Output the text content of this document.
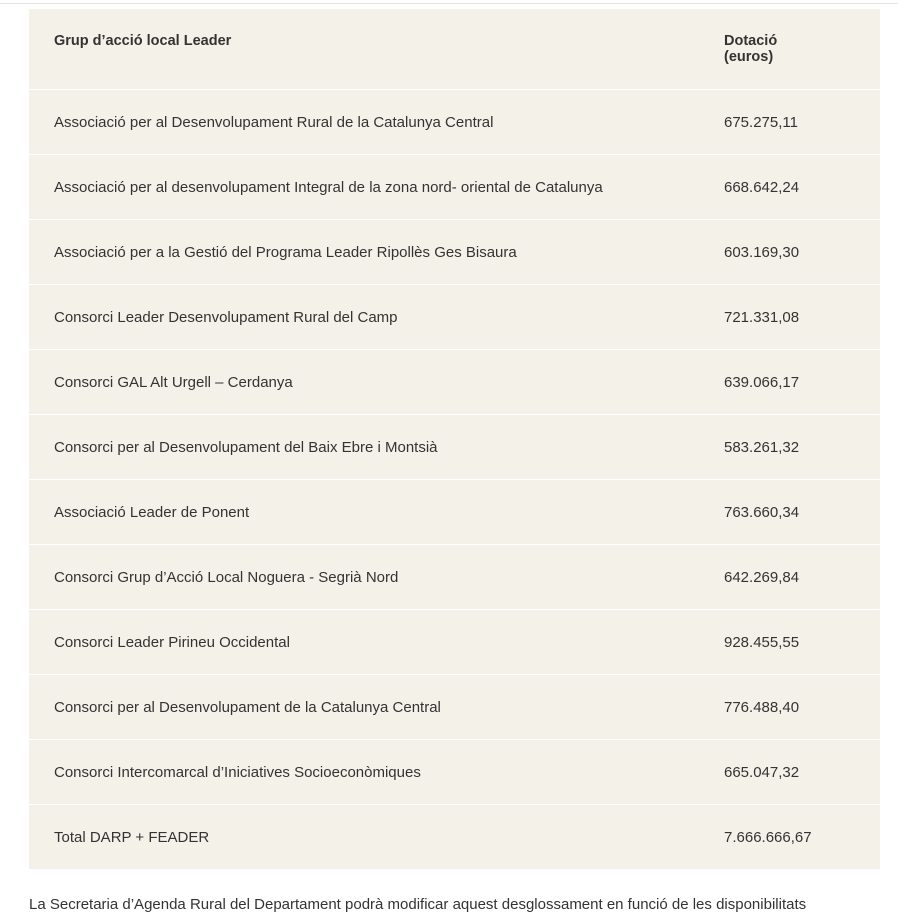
Grup d’acció local Leader	Dotació
(euros)
Associació per al Desenvolupament Rural de la Catalunya Central	675.275,11
Associació per al desenvolupament Integral de la zona nord- oriental de Catalunya	668.642,24
Associació per a la Gestió del Programa Leader Ripollès Ges Bisaura	603.169,30
Consorci Leader Desenvolupament Rural del Camp	721.331,08
Consorci GAL Alt Urgell – Cerdanya	639.066,17
Consorci per al Desenvolupament del Baix Ebre i Montsià	583.261,32
Associació Leader de Ponent	763.660,34
Consorci Grup d’Acció Local Noguera - Segrià Nord	642.269,84
Consorci Leader Pirineu Occidental	928.455,55
Consorci per al Desenvolupament de la Catalunya Central	776.488,40
Consorci Intercomarcal d’Iniciatives Socioeconòmiques	665.047,32
Total DARP + FEADER	7.666.666,67
La Secretaria d’Agenda Rural del Departament podrà modificar aquest desglossament en funció de les disponibilitats
